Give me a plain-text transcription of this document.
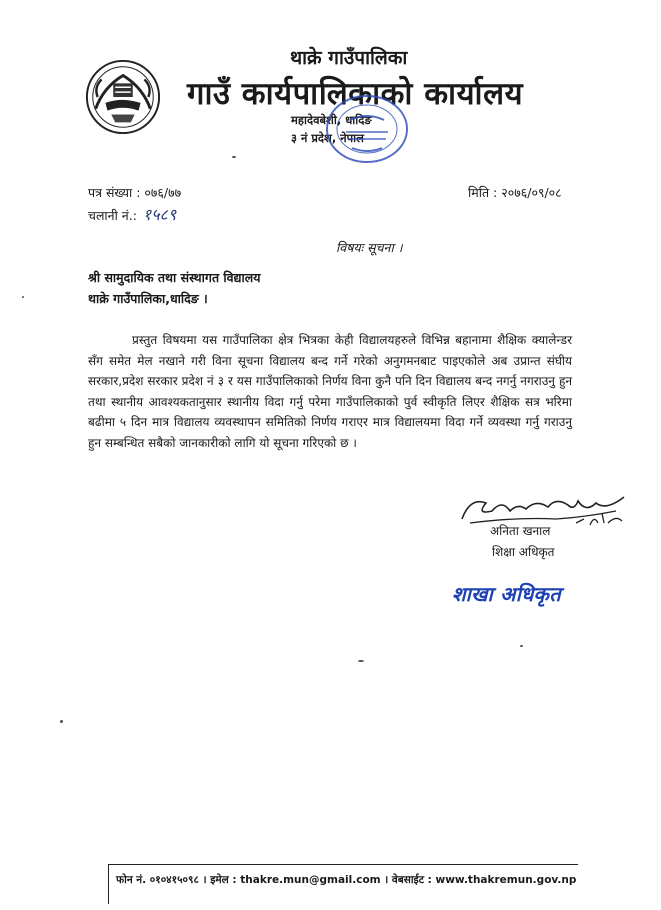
थाक्रे गाउँपालिका
गाउँ कार्यपालिकाको कार्यालय
महादेवबेशी, धादिङ
३ नं प्रदेश, नेपाल
पत्र संख्या : ०७६/७७
चलानी नं.: १५८९
मिति : २०७६/०९/०८
विषयः सूचना ।
श्री सामुदायिक तथा संस्थागत विद्यालय
थाक्रे गाउँपालिका,धादिङ ।
प्रस्तुत विषयमा यस गाउँपालिका क्षेत्र भित्रका केही विद्यालयहरुले विभिन्न बहानामा शैक्षिक क्यालेन्डर सँग समेत मेल नखाने गरी विना सूचना विद्यालय बन्द गर्ने गरेको अनुगमनबाट पाइएकोले अब उप्रान्त संघीय सरकार,प्रदेश सरकार प्रदेश नं ३ र यस गाउँपालिकाको निर्णय विना कुनै पनि दिन विद्यालय बन्द नगर्नु नगराउनु हुन तथा स्थानीय आवश्यकतानुसार स्थानीय विदा गर्नु परेमा गाउँपालिकाको पुर्व स्वीकृति लिएर शैक्षिक सत्र भरिमा बढीमा ५ दिन मात्र विद्यालय व्यवस्थापन समितिको निर्णय गराएर मात्र विद्यालयमा विदा गर्ने व्यवस्था गर्नु गराउनु हुन सम्बन्धित सबैको जानकारीको लागि यो सूचना गरिएको छ ।
अनिता खनाल
शिक्षा अधिकृत
शाखा अधिकृत
फोन नं. ०१०४१५०९८ । इमेल : thakre.mun@gmail.com । वेबसाईट : www.thakremun.gov.np
